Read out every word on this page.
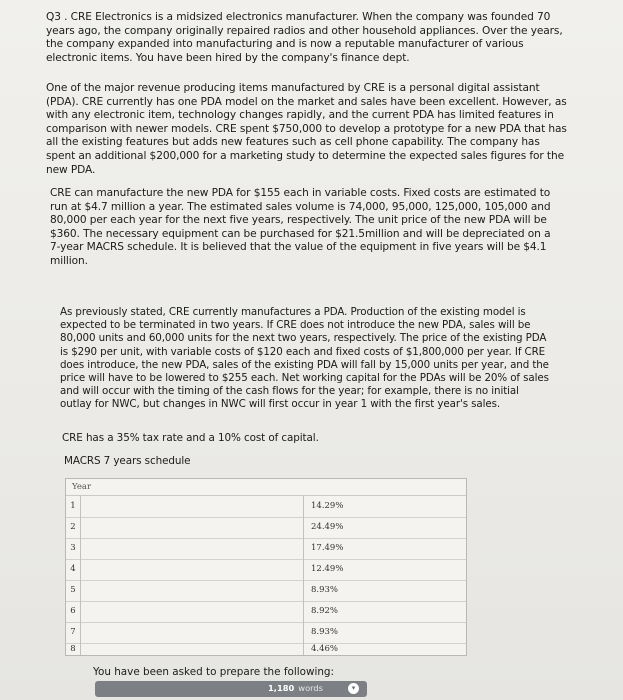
Q3 . CRE Electronics is a midsized electronics manufacturer. When the company was founded 70 years ago, the company originally repaired radios and other household appliances. Over the years, the company expanded into manufacturing and is now a reputable manufacturer of various electronic items. You have been hired by the company's finance dept.

One of the major revenue producing items manufactured by CRE is a personal digital assistant (PDA). CRE currently has one PDA model on the market and sales have been excellent. However, as with any electronic item, technology changes rapidly, and the current PDA has limited features in comparison with newer models. CRE spent $750,000 to develop a prototype for a new PDA that has all the existing features but adds new features such as cell phone capability. The company has spent an additional $200,000 for a marketing study to determine the expected sales figures for the new PDA.

CRE can manufacture the new PDA for $155 each in variable costs. Fixed costs are estimated to run at $4.7 million a year. The estimated sales volume is 74,000, 95,000, 125,000, 105,000 and 80,000 per each year for the next five years, respectively. The unit price of the new PDA will be $360. The necessary equipment can be purchased for $21.5million and will be depreciated on a 7-year MACRS schedule. It is believed that the value of the equipment in five years will be $4.1 million.

As previously stated, CRE currently manufactures a PDA. Production of the existing model is expected to be terminated in two years. If CRE does not introduce the new PDA, sales will be 80,000 units and 60,000 units for the next two years, respectively. The price of the existing PDA is $290 per unit, with variable costs of $120 each and fixed costs of $1,800,000 per year. If CRE does introduce, the new PDA, sales of the existing PDA will fall by 15,000 units per year, and the price will have to be lowered to $255 each. Net working capital for the PDAs will be 20% of sales and will occur with the timing of the cash flows for the year; for example, there is no initial outlay for NWC, but changes in NWC will first occur in year 1 with the first year's sales.

CRE has a 35% tax rate and a 10% cost of capital.

MACRS 7 years schedule

Year
1	14.29%
2	24.49%
3	17.49%
4	12.49%
5	8.93%
6	8.92%
7	8.93%
8	4.46%

You have been asked to prepare the following:

1,180 words	▾
